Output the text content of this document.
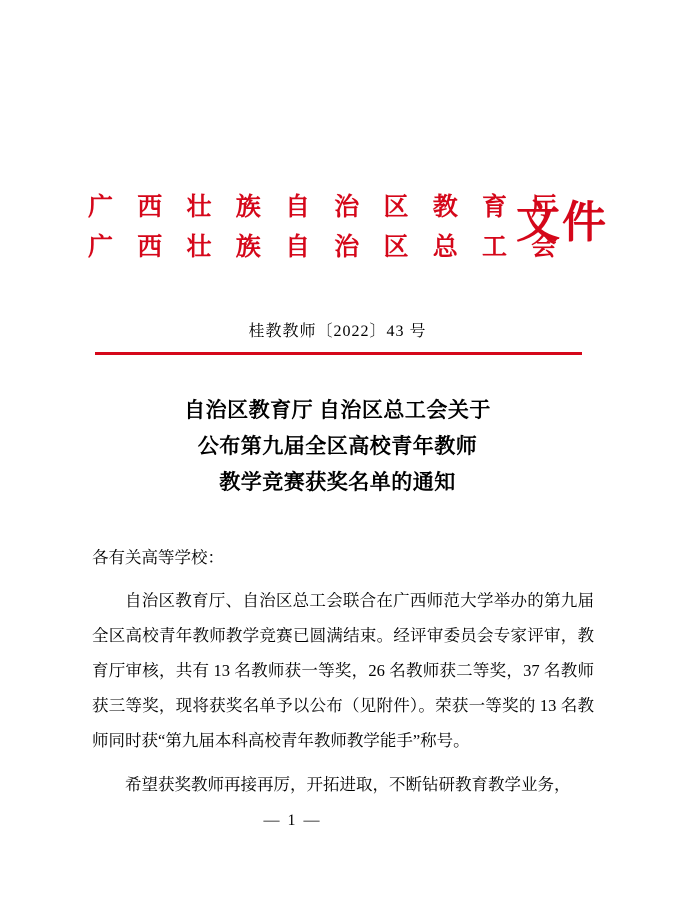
广 西 壮 族 自 治 区 教 育 厅
广 西 壮 族 自 治 区 总 工 会
文件
桂教教师〔2022〕43 号
自治区教育厅 自治区总工会关于
公布第九届全区高校青年教师
教学竞赛获奖名单的通知

各有关高等学校：

自治区教育厅、自治区总工会联合在广西师范大学举办的第九届全区高校青年教师教学竞赛已圆满结束。经评审委员会专家评审，教育厅审核，共有 13 名教师获一等奖，26 名教师获二等奖，37 名教师获三等奖，现将获奖名单予以公布（见附件）。荣获一等奖的 13 名教师同时获“第九届本科高校青年教师教学能手”称号。

希望获奖教师再接再厉，开拓进取，不断钻研教育教学业务，

— 1 —
